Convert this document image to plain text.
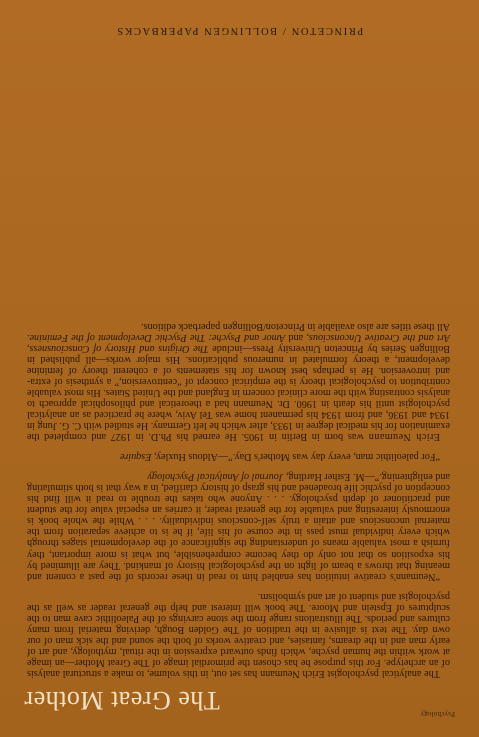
Psychology
The Great Mother

The analytical psychologist Erich Neumann has set out, in this volume, to make a structural analysis of an archetype. For this purpose he has chosen the primordial image of The Great Mother—an image at work within the human psyche, which finds outward expression in the ritual, mythology, and art of early man and in the dreams, fantasies, and creative works of both the sound and the sick man of our own day. The text is allusive in the tradition of The Golden Bough, deriving material from many cultures and periods. The illustrations range from the stone carvings of the Paleolithic cave man to the sculptures of Epstein and Moore. The book will interest and help the general reader as well as the psychologist and student of art and symbolism.

“Neumann's creative intuition has enabled him to read in these records of the past a content and meaning that throws a beam of light on the psychological history of mankind. They are illumined by his exposition so that not only do they become comprehensible, but what is more important, they furnish a most valuable means of understanding the significance of the developmental stages through which every individual must pass in the course of his life, if he is to achieve separation from the maternal unconscious and attain a truly self-conscious individuality. . . . While the whole book is enormously interesting and valuable for the general reader, it carries an especial value for the student and practitioner of depth psychology. . . . Anyone who takes the trouble to read it will find his conception of psychic life broadened and his grasp of history clarified, in a way that is both stimulating and enlightening.”—M. Esther Harding, Journal of Analytical Psychology

“For paleolithic man, every day was Mother's Day.”—Aldous Huxley, Esquire

Erich Neumann was born in Berlin in 1905. He earned his Ph.D. in 1927 and completed the examination for his medical degree in 1933, after which he left Germany. He studied with C. G. Jung in 1934 and 1936, and from 1934 his permanent home was Tel Aviv, where he practiced as an analytical psychologist until his death in 1960. Dr. Neumann had a theoretical and philosophical approach to analysis contrasting with the more clinical concern in England and the United States. His most valuable contribution to psychological theory is the empirical concept of “centroversion,” a synthesis of extra- and introversion. He is perhaps best known for his statements of a coherent theory of feminine development, a theory formulated in numerous publications. His major works—all published in Bollingen Series by Princeton University Press—include The Origins and History of Consciousness, Art and the Creative Unconscious, and Amor and Psyche: The Psychic Development of the Feminine. All these titles are also available in Princeton/Bollingen paperback editions.

PRINCETON / BOLLINGEN PAPERBACKS
